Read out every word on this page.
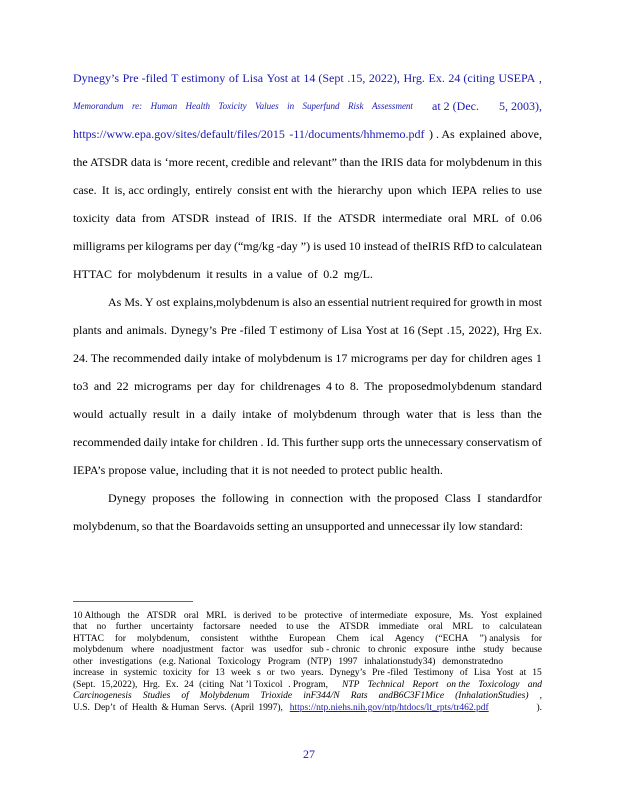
Dynegy’s Pre -filed T estimony of Lisa Yost at 14 (Sept .15, 2022), Hrg. Ex. 24 (citing USEPA ,
Memorandum re: Human Health Toxicity Values in Superfund Risk Assessment at 2 (Dec. 5, 2003),
https://www.epa.gov/sites/default/files/2015 -11/documents/hhmemo.pdf ) . As explained above,
the ATSDR data is ‘more recent, credible and relevant” than the IRIS data for molybdenum in this
case. It is, acc ordingly, entirely consist ent with the hierarchy upon which IEPA relies to use
toxicity data from ATSDR instead of IRIS. If the ATSDR intermediate oral MRL of 0.06
milligrams per kilograms per day (“mg/kg -day ”) is used 10 instead of theIRIS RfD to calculatean
HTTAC for molybdenum it results in a value of 0.2 mg/L.
As Ms. Y ost explains,molybdenum is also an essential nutrient required for growth in most
plants and animals. Dynegy’s Pre -filed T estimony of Lisa Yost at 16 (Sept .15, 2022), Hrg Ex.
24. The recommended daily intake of molybdenum is 17 micrograms per day for children ages 1
to3 and 22 micrograms per day for childrenages 4 to 8. The proposedmolybdenum standard
would actually result in a daily intake of molybdenum through water that is less than the
recommended daily intake for children . Id. This further supp orts the unnecessary conservatism of
IEPA’s propose value, including that it is not needed to protect public health.
Dynegy proposes the following in connection with the proposed Class I standardfor
molybdenum, so that the Boardavoids setting an unsupported and unnecessar ily low standard:
10 Although the ATSDR oral MRL is derived to be protective of intermediate exposure, Ms. Yost explained
that no further uncertainty factorsare needed to use the ATSDR immediate oral MRL to calculatean
HTTAC for molybdenum, consistent withthe European Chem ical Agency (“ECHA ”) analysis for
molybdenum where noadjustment factor was usedfor sub - chronic to chronic exposure inthe study because
other investigations (e.g. National Toxicology Program (NTP) 1997 inhalationstudy34) demonstratedno
increase in systemic toxicity for 13 week s or two years. Dynegy’s Pre -filed Testimony of Lisa Yost at 15
(Sept. 15,2022), Hrg. Ex. 24 (citing Nat ’l Toxicol . Program, NTP Technical Report on the Toxicology and
Carcinogenesis Studies of Molybdenum Trioxide inF344/N Rats andB6C3F1Mice (InhalationStudies) ,
U.S. Dep’t of Health & Human Servs. (April 1997), https://ntp.niehs.nih.gov/ntp/htdocs/lt_rpts/tr462.pdf	).
27
